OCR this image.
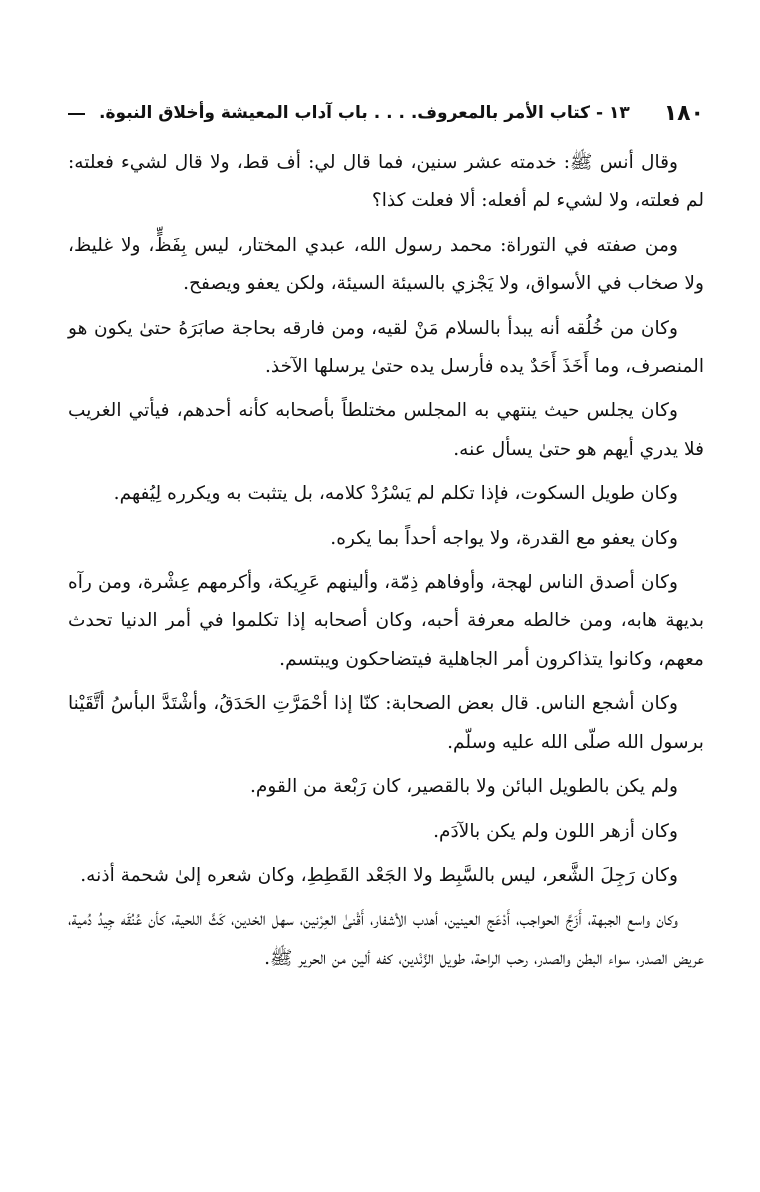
١٨٠
١٣ - كتاب الأمر بالمعروف. . . . باب آداب المعيشة وأخلاق النبوة.

وقال أنس ﷺ: خدمته عشر سنين، فما قال لي: أف قط، ولا قال لشيء فعلته: لم فعلته، ولا لشيء لم أفعله: ألا فعلت كذا؟

ومن صفته في التوراة: محمد رسول الله، عبدي المختار، ليس بِفَظٍّ، ولا غليظ، ولا صخاب في الأسواق، ولا يَجْزي بالسيئة السيئة، ولكن يعفو ويصفح.

وكان من خُلُقه أنه يبدأ بالسلام مَنْ لقيه، ومن فارقه بحاجة صابَرَهُ حتىٰ يكون هو المنصرف، وما أَخَذَ أَحَدٌ يده فأرسل يده حتىٰ يرسلها الآخذ.

وكان يجلس حيث ينتهي به المجلس مختلطاً بأصحابه كأنه أحدهم، فيأتي الغريب فلا يدري أيهم هو حتىٰ يسأل عنه.

وكان طويل السكوت، فإذا تكلم لم يَسْرُدْ كلامه، بل يتثبت به ويكرره لِيُفهم.

وكان يعفو مع القدرة، ولا يواجه أحداً بما يكره.

وكان أصدق الناس لهجة، وأوفاهم ذِمّة، وألينهم عَرِيكة، وأكرمهم عِشْرة، ومن رآه بديهة هابه، ومن خالطه معرفة أحبه، وكان أصحابه إذا تكلموا في أمر الدنيا تحدث معهم، وكانوا يتذاكرون أمر الجاهلية فيتضاحكون ويبتسم.

وكان أشجع الناس. قال بعض الصحابة: كنّا إذا أحْمَرَّتِ الحَدَقُ، وأشْتَدَّ البأسُ أتَّقَيْنا برسول الله صلّى الله عليه وسلّم.

ولم يكن بالطويل البائن ولا بالقصير، كان رَبْعة من القوم.

وكان أزهر اللون ولم يكن بالآدَم.

وكان رَجِلَ الشَّعر، ليس بالسَّبِط ولا الجَعْد القَطِطِ، وكان شعره إلىٰ شحمة أذنه.

وكان واسع الجبهة، أَزَجَّ الحواجب، أَدْعَج العينين، أهدب الأشفار، أَقْنىٰ العِرْنين، سهل الخدين، كَثَّ اللحية، كأن عُنُقَه جِيدُ دُمية، عريض الصدر، سواء البطن والصدر، رحب الراحة، طويل الزَّنْدين، كفه ألين من الحرير ﷺ.
